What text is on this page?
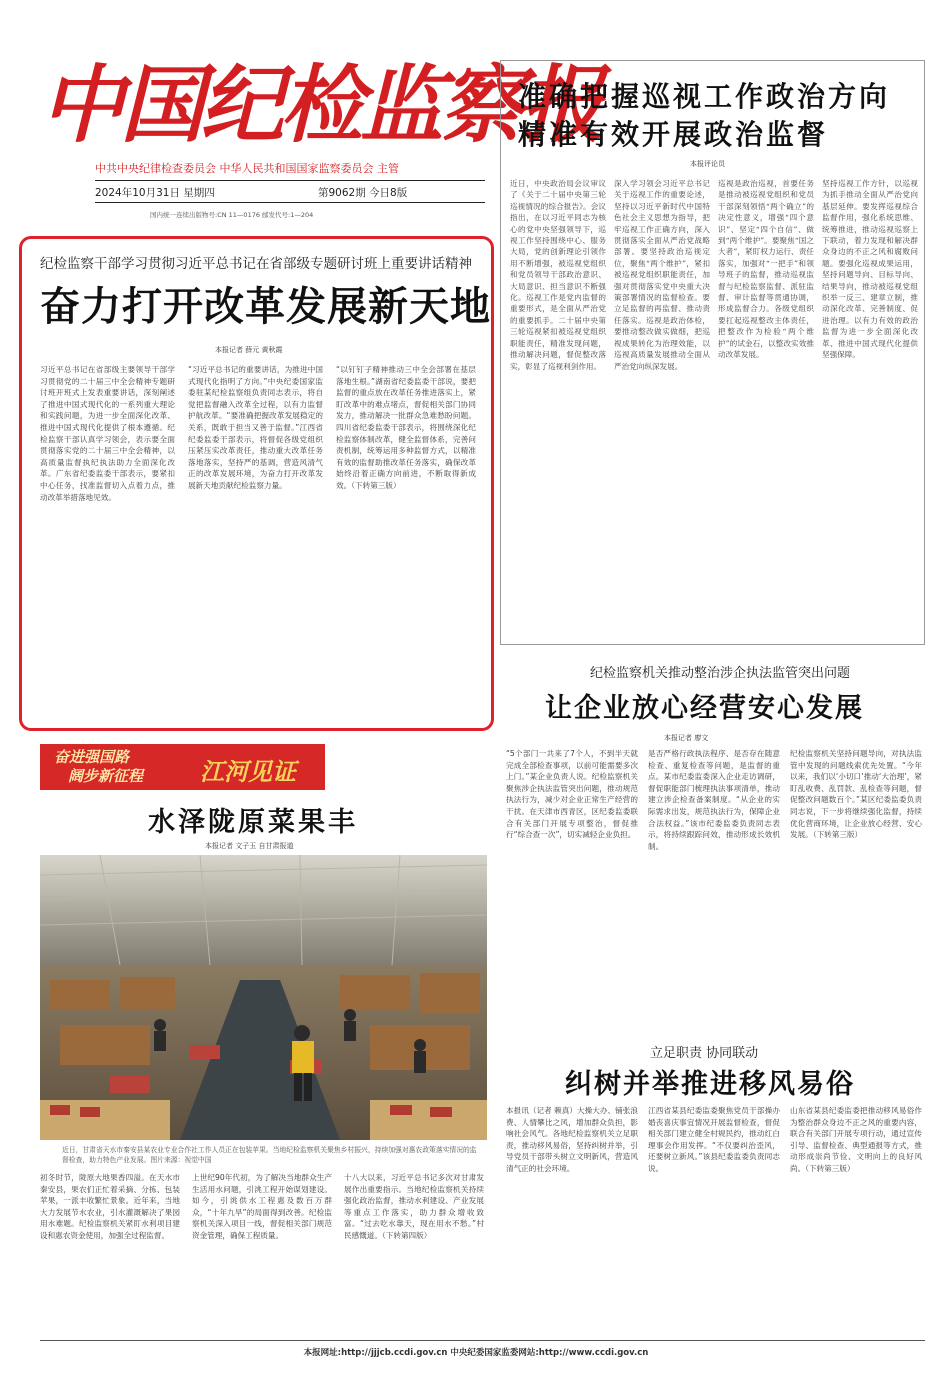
中国纪检监察报
中共中央纪律检查委员会 中华人民共和国国家监察委员会 主管
2024年10月31日 星期四	第9062期 今日8版
国内统一连续出版物号:CN 11—0176 邮发代号:1—204
准确把握巡视工作政治方向
精准有效开展政治监督
本报评论员
近日，中央政治局会议审议了《关于二十届中央第三轮巡视情况的综合报告》。会议指出，在以习近平同志为核心的党中央坚强领导下，巡视工作坚持围绕中心、服务大局，党的创新理论引领作用不断增强，被巡视党组织和党员领导干部政治意识、大局意识、担当意识不断强化。巡视工作是党内监督的重要形式，是全面从严治党的重要抓手。二十届中央第三轮巡视紧扣被巡视党组织职能责任，精准发现问题，推动解决问题，督促整改落实，彰显了巡视利剑作用。
深入学习领会习近平总书记关于巡视工作的重要论述，坚持以习近平新时代中国特色社会主义思想为指导，把牢巡视工作正确方向，深入贯彻落实全面从严治党战略部署。要坚持政治巡视定位，聚焦“两个维护”，紧扣被巡视党组织职能责任，加强对贯彻落实党中央重大决策部署情况的监督检查。要立足监督的再监督、推动责任落实。巡视是政治体检，要推动整改做实做细，把巡视成果转化为治理效能，以巡视高质量发展推动全面从严治党向纵深发展。
巡视是政治巡视，首要任务是推动被巡视党组织和党员干部深刻领悟“两个确立”的决定性意义，增强“四个意识”、坚定“四个自信”、做到“两个维护”。要聚焦“国之大者”，紧盯权力运行、责任落实，加强对“一把手”和领导班子的监督，推动巡视监督与纪检监察监督、派驻监督、审计监督等贯通协调，形成监督合力。各级党组织要扛起巡视整改主体责任，把整改作为检验“两个维护”的试金石，以整改实效推动改革发展。
坚持巡视工作方针，以巡视为抓手推动全面从严治党向基层延伸。要发挥巡视综合监督作用，强化系统思维、统筹推进，推动巡视巡察上下联动，着力发现和解决群众身边的不正之风和腐败问题。要强化巡视成果运用，坚持问题导向、目标导向、结果导向，推动被巡视党组织举一反三、建章立制，推动深化改革、完善制度、促进治理。以有力有效的政治监督为进一步全面深化改革、推进中国式现代化提供坚强保障。
纪检监察干部学习贯彻习近平总书记在省部级专题研讨班上重要讲话精神
奋力打开改革发展新天地
本报记者 薛元 黄秋霞
习近平总书记在省部级主要领导干部学习贯彻党的二十届三中全会精神专题研讨班开班式上发表重要讲话，深刻阐述了推进中国式现代化的一系列重大理论和实践问题，为进一步全面深化改革、推进中国式现代化提供了根本遵循。纪检监察干部认真学习领会，表示要全面贯彻落实党的二十届三中全会精神，以高质量监督执纪执法助力全面深化改革。广东省纪委监委干部表示，要紧扣中心任务，找准监督切入点着力点，推动改革举措落地见效。
“习近平总书记的重要讲话，为推进中国式现代化指明了方向。”中央纪委国家监委驻某纪检监察组负责同志表示，将自觉把监督融入改革全过程，以有力监督护航改革。“要准确把握改革发展稳定的关系，既敢于担当又善于监督。”江西省纪委监委干部表示，将督促各级党组织压紧压实改革责任，推动重大改革任务落地落实，坚持严的基调，营造风清气正的改革发展环境，为奋力打开改革发展新天地贡献纪检监察力量。
“以钉钉子精神推动三中全会部署在基层落地生根。”湖南省纪委监委干部说，要把监督的重点放在改革任务推进落实上，紧盯改革中的难点堵点，督促相关部门协同发力，推动解决一批群众急难愁盼问题。四川省纪委监委干部表示，将围绕深化纪检监察体制改革，健全监督体系，完善问责机制，统筹运用多种监督方式，以精准有效的监督助推改革任务落实，确保改革始终沿着正确方向前进，不断取得新成效。（下转第三版）
奋进强国路
阔步新征程 江河见证
水泽陇原菜果丰
本报记者 文子玉 自甘肃报道
近日，甘肃省天水市秦安县某农业专业合作社工作人员正在包装苹果。当地纪检监察机关聚焦乡村振兴，持续加强对惠农政策落实情况的监督检查，助力特色产业发展。图片来源：视觉中国
初冬时节，陇原大地果香四溢。在天水市秦安县，果农们正忙着采摘、分拣、包装苹果，一派丰收繁忙景象。近年来，当地大力发展节水农业，引水灌溉解决了果园用水难题。纪检监察机关紧盯水利项目建设和惠农资金使用，加强全过程监督。
上世纪90年代初，为了解决当地群众生产生活用水问题，引洮工程开始谋划建设。如今，引洮供水工程惠及数百万群众，“十年九旱”的局面得到改善。纪检监察机关深入项目一线，督促相关部门规范资金管理，确保工程质量。
十八大以来，习近平总书记多次对甘肃发展作出重要指示。当地纪检监察机关持续强化政治监督，推动水利建设、产业发展等重点工作落实，助力群众增收致富。“过去吃水靠天，现在用水不愁。”村民感慨道。（下转第四版）
纪检监察机关推动整治涉企执法监管突出问题
让企业放心经营安心发展
本报记者 廖文
“5个部门一共来了7个人，不到半天就完成全部检查事项，以前可能需要多次上门。”某企业负责人说。纪检监察机关聚焦涉企执法监管突出问题，推动规范执法行为，减少对企业正常生产经营的干扰。在天津市西青区，区纪委监委联合有关部门开展专项整治，督促推行“综合查一次”，切实减轻企业负担。
是否严格行政执法程序、是否存在随意检查、重复检查等问题，是监督的重点。某市纪委监委深入企业走访调研，督促职能部门梳理执法事项清单，推动建立涉企检查备案制度。“从企业的实际需求出发，规范执法行为，保障企业合法权益。”该市纪委监委负责同志表示，将持续跟踪问效，推动形成长效机制。
纪检监察机关坚持问题导向，对执法监管中发现的问题线索优先处置。“今年以来，我们以‘小切口’推动‘大治理’，紧盯乱收费、乱罚款、乱检查等问题，督促整改问题数百个。”某区纪委监委负责同志说，下一步将继续强化监督，持续优化营商环境，让企业放心经营、安心发展。（下转第三版）
立足职责 协同联动
纠树并举推进移风易俗
本报讯（记者 赖真）大操大办、铺张浪费、人情攀比之风，增加群众负担，影响社会风气。各地纪检监察机关立足职责，推动移风易俗，坚持纠树并举，引导党员干部带头树立文明新风，营造风清气正的社会环境。
江西省某县纪委监委聚焦党员干部操办婚丧喜庆事宜情况开展监督检查，督促相关部门建立健全村规民约，推动红白理事会作用发挥。“不仅要纠治歪风，还要树立新风。”该县纪委监委负责同志说。
山东省某县纪委监委把推动移风易俗作为整治群众身边不正之风的重要内容，联合有关部门开展专项行动，通过宣传引导、监督检查、典型通报等方式，推动形成崇尚节俭、文明向上的良好风尚。（下转第三版）
本报网址:http://jjjcb.ccdi.gov.cn 中央纪委国家监委网站:http://www.ccdi.gov.cn
